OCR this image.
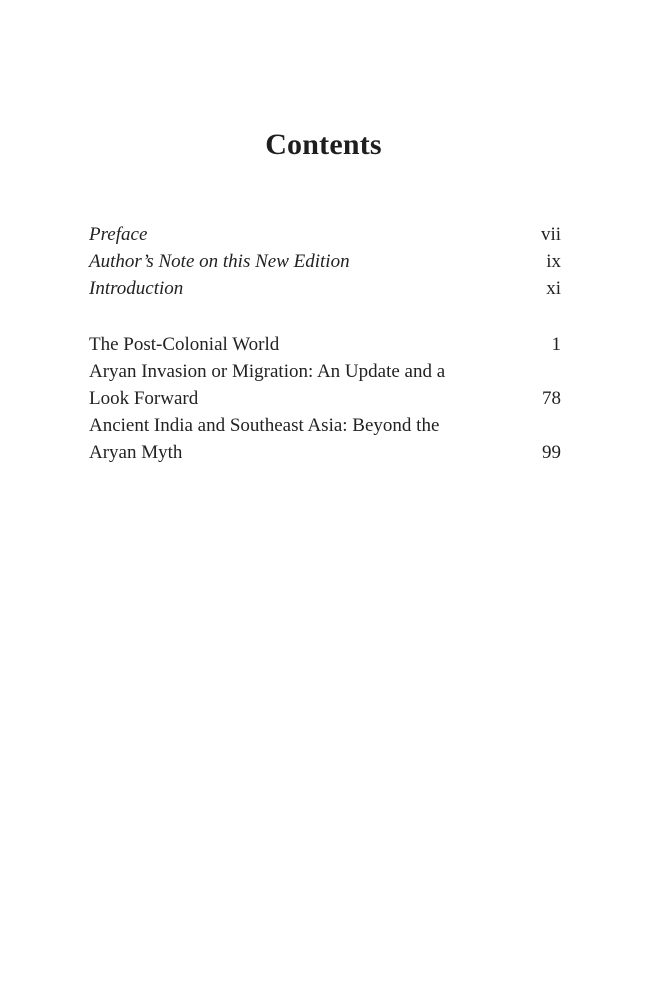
Contents
Preface	vii
Author’s Note on this New Edition	ix
Introduction	xi
The Post-Colonial World	1
Aryan Invasion or Migration: An Update and a Look Forward	78
Ancient India and Southeast Asia: Beyond the Aryan Myth	99
